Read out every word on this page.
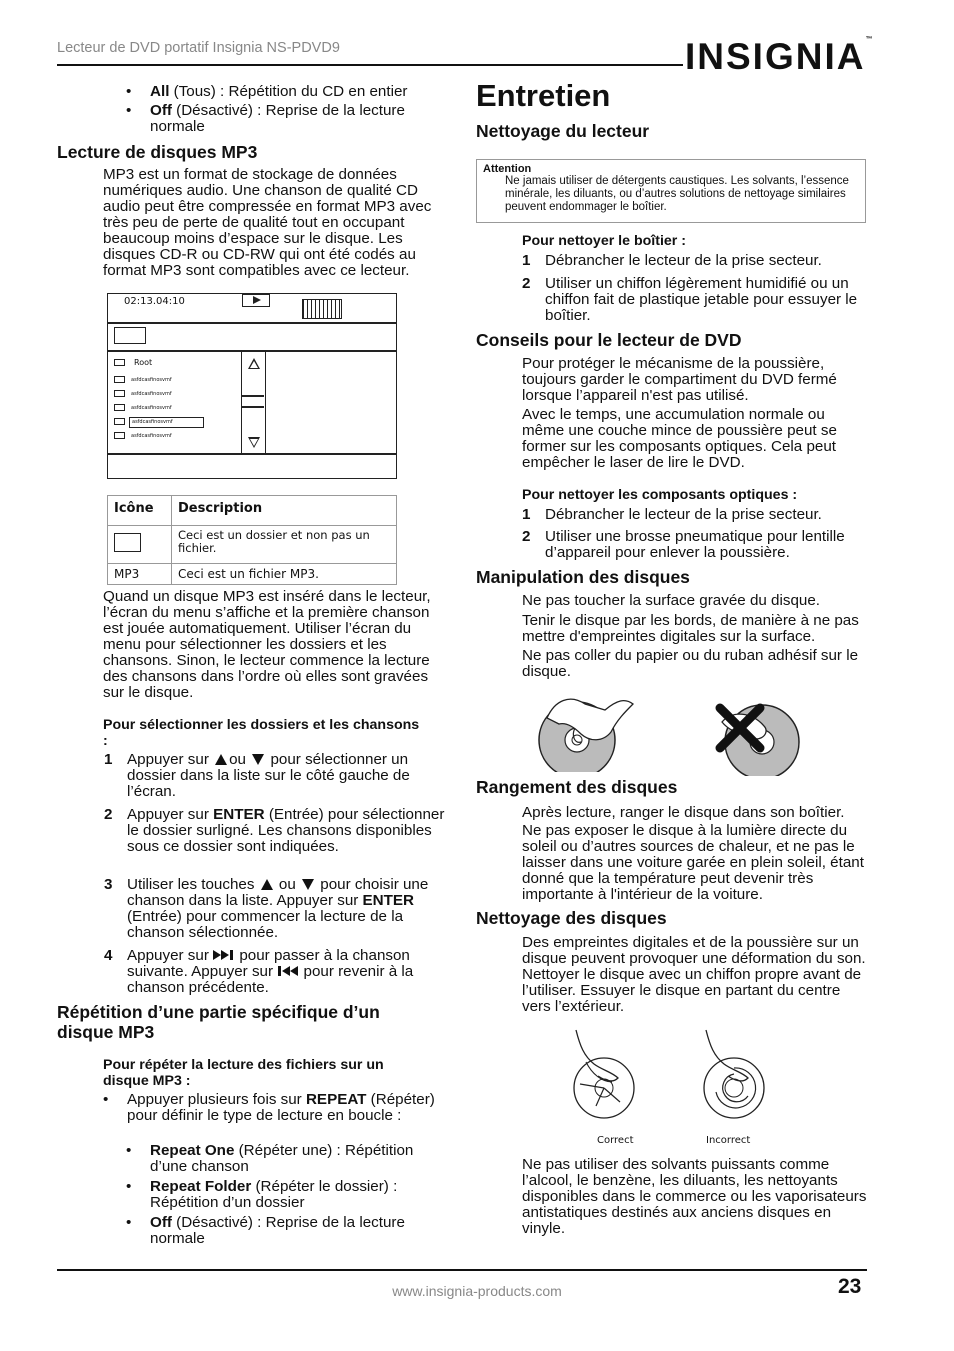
Lecteur de DVD portatif Insignia NS-PDVD9	INSIGNIA™
• All (Tous) : Répétition du CD en entier
• Off (Désactivé) : Reprise de la lecture normale
Lecture de disques MP3
MP3 est un format de stockage de données numériques audio. Une chanson de qualité CD audio peut être compressée en format MP3 avec très peu de perte de qualité tout en occupant beaucoup moins d’espace sur le disque. Les disques CD-R ou CD-RW qui ont été codés au format MP3 sont compatibles avec ce lecteur.
02:13.04:10
Root
asfdcasfinosvmf
asfdcasfinosvmf
asfdcasfinosvmf
asfdcasfinosvmf
asfdcasfinosvmf
Icône	Description

	Ceci est un dossier et non pas un fichier.
MP3	Ceci est un fichier MP3.
Quand un disque MP3 est inséré dans le lecteur, l’écran du menu s’affiche et la première chanson est jouée automatiquement. Utiliser l’écran du menu pour sélectionner les dossiers et les chansons. Sinon, le lecteur commence la lecture des chansons dans l’ordre où elles sont gravées sur le disque.
Pour sélectionner les dossiers et les chansons :
1 Appuyer sur ou  pour sélectionner un dossier dans la liste sur le côté gauche de l’écran.
2 Appuyer sur ENTER (Entrée) pour sélectionner le dossier surligné. Les chansons disponibles sous ce dossier sont indiquées.
3 Utiliser les touches  ou  pour choisir une chanson dans la liste. Appuyer sur ENTER (Entrée) pour commencer la lecture de la chanson sélectionnée.
4 Appuyer sur  pour passer à la chanson suivante. Appuyer sur  pour revenir à la chanson précédente.
Répétition d’une partie spécifique d’un disque MP3
Pour répéter la lecture des fichiers sur un disque MP3 :
• Appuyer plusieurs fois sur REPEAT (Répéter) pour définir le type de lecture en boucle :
• Repeat One (Répéter une) : Répétition d’une chanson
• Repeat Folder (Répéter le dossier) : Répétition d’un dossier
• Off (Désactivé) : Reprise de la lecture normale
Entretien
Nettoyage du lecteur
Attention
Ne jamais utiliser de détergents caustiques. Les solvants, l’essence minérale, les diluants, ou d’autres solutions de nettoyage similaires peuvent endommager le boîtier.
Pour nettoyer le boîtier :
1 Débrancher le lecteur de la prise secteur.
2 Utiliser un chiffon légèrement humidifié ou un chiffon fait de plastique jetable pour essuyer le boîtier.
Conseils pour le lecteur de DVD
Pour protéger le mécanisme de la poussière, toujours garder le compartiment du DVD fermé lorsque l’appareil n'est pas utilisé.
Avec le temps, une accumulation normale ou même une couche mince de poussière peut se former sur les composants optiques. Cela peut empêcher le laser de lire le DVD.
Pour nettoyer les composants optiques :
1 Débrancher le lecteur de la prise secteur.
2 Utiliser une brosse pneumatique pour lentille d’appareil pour enlever la poussière.
Manipulation des disques
Ne pas toucher la surface gravée du disque.
Tenir le disque par les bords, de manière à ne pas mettre d'empreintes digitales sur la surface.
Ne pas coller du papier ou du ruban adhésif sur le disque.
Rangement des disques
Après lecture, ranger le disque dans son boîtier.
Ne pas exposer le disque à la lumière directe du soleil ou d’autres sources de chaleur, et ne pas le laisser dans une voiture garée en plein soleil, étant donné que la température peut devenir très importante à l'intérieur de la voiture.
Nettoyage des disques
Des empreintes digitales et de la poussière sur un disque peuvent provoquer une déformation du son. Nettoyer le disque avec un chiffon propre avant de l’utiliser. Essuyer le disque en partant du centre vers l’extérieur.
Correct	Incorrect
Ne pas utiliser des solvants puissants comme l’alcool, le benzène, les diluants, les nettoyants disponibles dans le commerce ou les vaporisateurs antistatiques destinés aux anciens disques en vinyle.
www.insignia-products.com	23
